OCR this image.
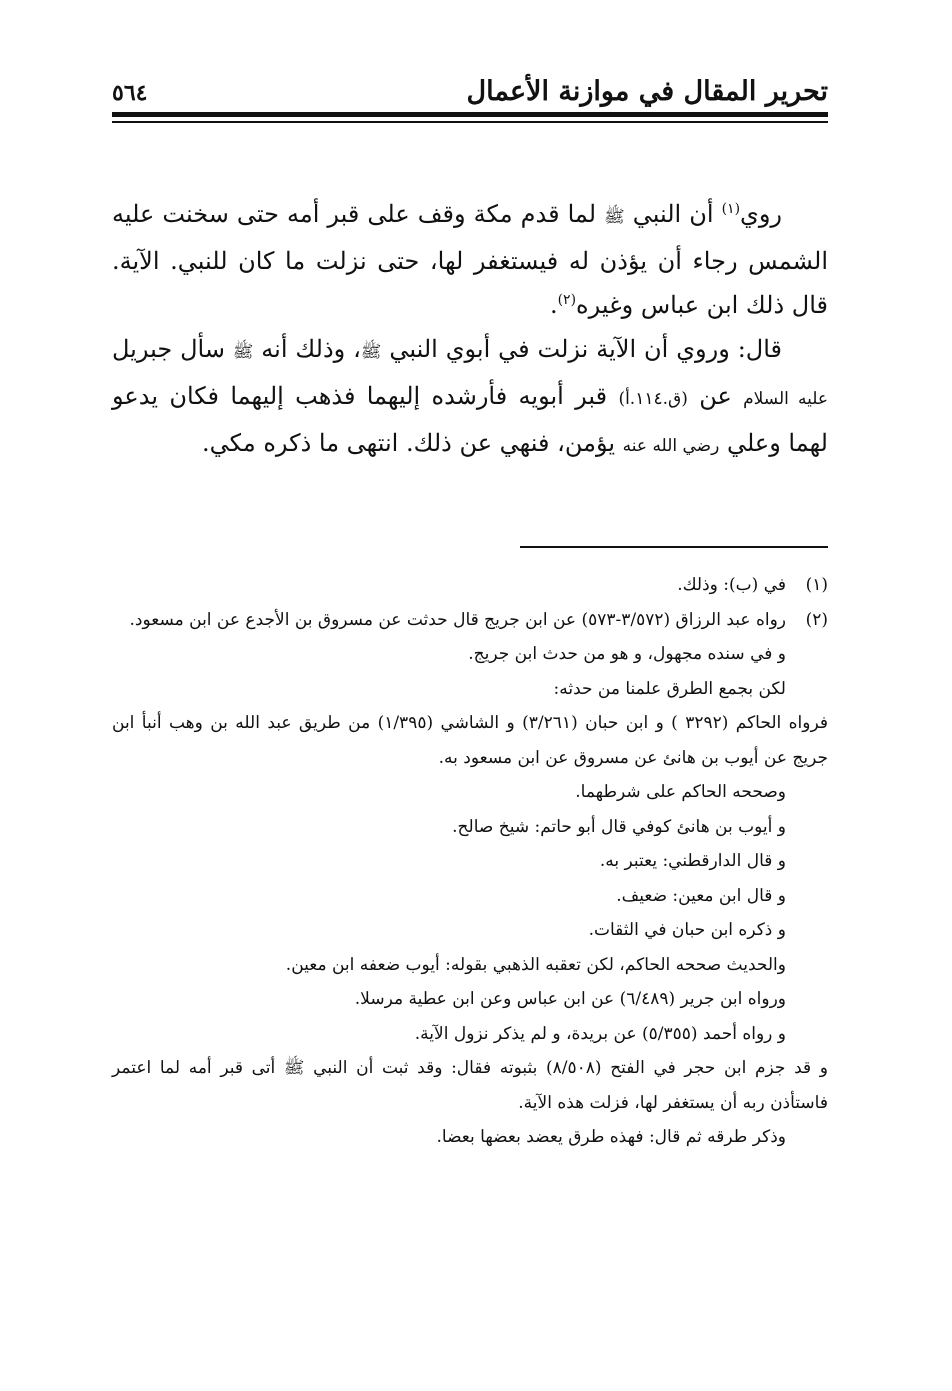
تحرير المقال في موازنة الأعمال
٥٦٤

روي$^{(١)}$ أن النبي ﷺ لما قدم مكة وقف على قبر أمه حتى سخنت عليه الشمس رجاء أن يؤذن له فيستغفر لها، حتى نزلت ما كان للنبي. الآية. قال ذلك ابن عباس وغيره$^{(٢)}$.

قال: وروي أن الآية نزلت في أبوي النبي ﷺ، وذلك أنه ﷺ سأل جبريل عليه السلام عن (ق.١١٤.أ) قبر أبويه فأرشده إليهما فذهب إليهما فكان يدعو لهما وعلي رضي الله عنه يؤمن، فنهي عن ذلك. انتهى ما ذكره مكي.

(١)في (ب): وذلك.

(٢)رواه عبد الرزاق (٣/٥٧٢-٥٧٣) عن ابن جريج قال حدثت عن مسروق بن الأجدع عن ابن مسعود.

و في سنده مجهول، و هو من حدث ابن جريج.

لكن بجمع الطرق علمنا من حدثه:

فرواه الحاكم (٣٢٩٢ ) و ابن حبان (٣/٢٦١) و الشاشي (١/٣٩٥) من طريق عبد الله بن وهب أنبأ ابن جريج عن أيوب بن هانئ عن مسروق عن ابن مسعود به.

وصححه الحاكم على شرطهما.

و أيوب بن هانئ كوفي قال أبو حاتم: شيخ صالح.

و قال الدارقطني: يعتبر به.

و قال ابن معين: ضعيف.

و ذكره ابن حبان في الثقات.

والحديث صححه الحاكم، لكن تعقبه الذهبي بقوله: أيوب ضعفه ابن معين.

ورواه ابن جرير (٦/٤٨٩) عن ابن عباس وعن ابن عطية مرسلا.

و رواه أحمد (٥/٣٥٥) عن بريدة، و لم يذكر نزول الآية.

و قد جزم ابن حجر في الفتح (٨/٥٠٨) بثبوته فقال: وقد ثبت أن النبي ﷺ أتى قبر أمه لما اعتمر فاستأذن ربه أن يستغفر لها، فزلت هذه الآية.

وذكر طرقه ثم قال: فهذه طرق يعضد بعضها بعضا.
